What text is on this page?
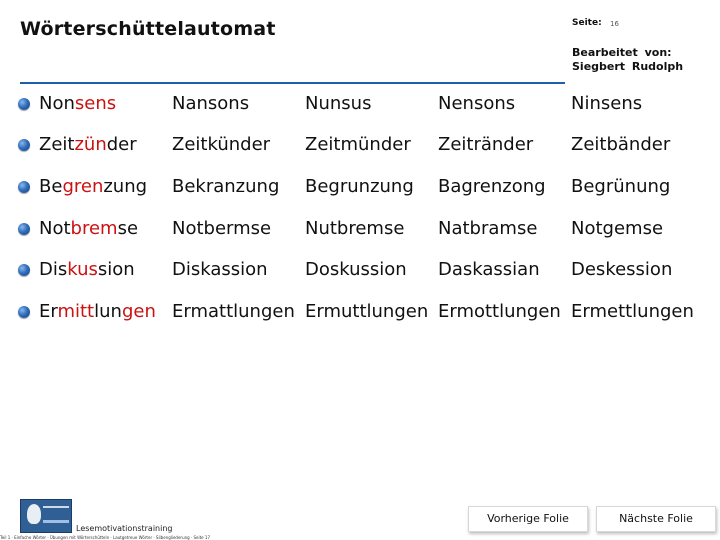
Wörterschüttelautomat	Seite: 16
Bearbeitet von:
Siegbert Rudolph
Nonsens	Nansons	Nunsus	Nensons	Ninsens
Zeitzünder Zeitkünder Zeitmünder Zeitränder Zeitbänder
Begrenzung Bekranzung Begrunzung Bagrenzong Begrünung
Notbremse Notbermse Nutbremse Natbramse Notgemse
Diskussion Diskassion Doskussion Daskassian Deskession
Ermittlungen Ermattlungen Ermuttlungen Ermottlungen Ermettlungen
Lesemotivationstraining
Teil 1 · Einfache Wörter · Übungen mit Wörterschütteln · Lautgetreue Wörter · Silbengliederung · Seite 17
Vorherige Folie	Nächste Folie
